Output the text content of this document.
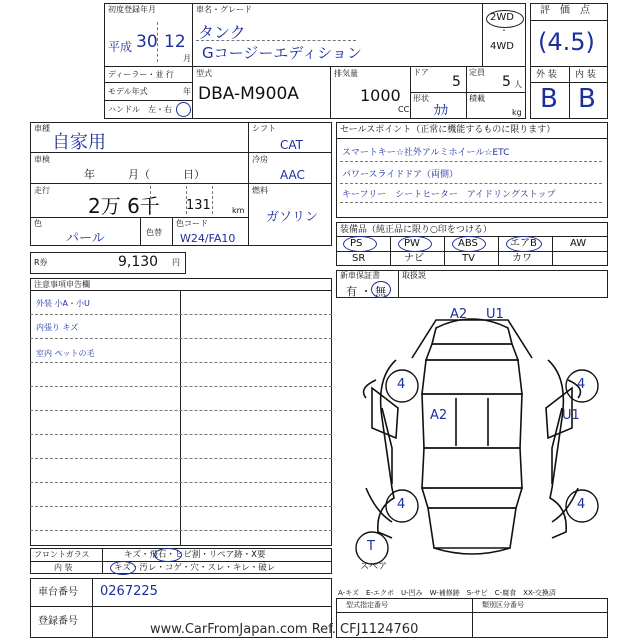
初度登録年月
平成 30 12
月
ディーラー・並 行
モデル年式	年
ハンドル　左・右
車名・グレード
タンク
Gコージーエディション
2WD
・
4WD
型式
DBA-M900A
排気量
1000
CC
ドア
5
定員
5 人
形状
ｶｶ
積載
kg
評　価　点
(4.5)
外 装 内 装
B B
車種
自家用
車検
年　　　月（　　　日）
走行
2万 6千 131	km
色
パール	色替
色コード
W24/FA10
シフト
CAT
冷房
AAC
燃料
ガソリン
R券	9,130 円
セールスポイント（正常に機能するものに限ります）
スマートキー☆社外アルミホイール☆ETC
パワースライドドア（両側）
キーフリー　シートヒーター　アイドリングストップ
装備品（純正品に限り○印をつける）
PS	PW	ABS	エアB	AW
SR	ナビ	TV	カワ
新車保証書
有 ・ 無
取扱説
注意事項申告欄
外装 小A・小U
内張り キズ
室内 ペットの毛
フロントガラス	キズ・飛石・ヒビ割・リペア跡・X要
内 装	キズ・汚レ・コゲ・穴・スレ・キレ・破レ
車台番号 0267225
登録番号
A-キズ　E-エクボ　U-凹み　W-補修跡　S-サビ　C-腐食　XX-交換済
型式指定番号	類別区分番号
www.CarFromJapan.com Ref. CFJ1124760
A2 U1
A2	U1
4	4
4	4
T
スペア
